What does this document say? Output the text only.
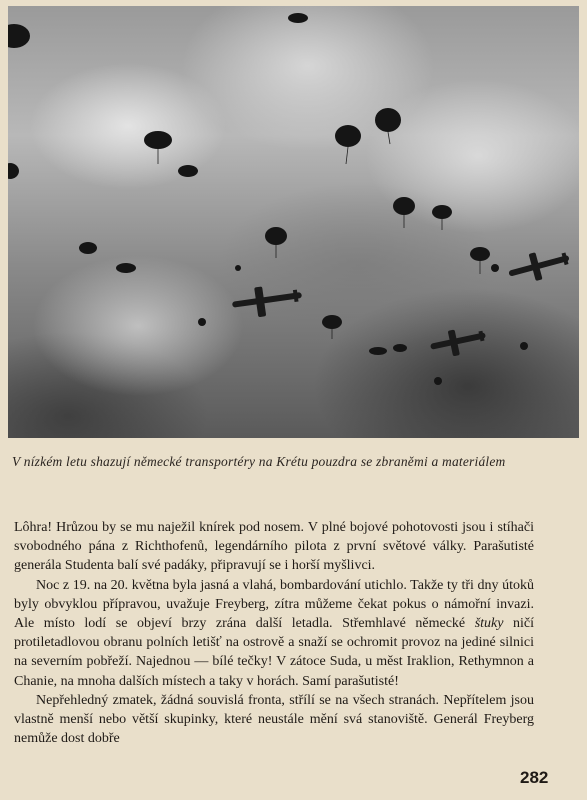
V nízkém letu shazují německé transportéry na Krétu pouzdra se zbraněmi a materiálem

Lôhra! Hrůzou by se mu naježil knírek pod nosem. V plné bojové pohotovosti jsou i stíhači svobodného pána z Richthofenů, legendárního pilota z první světové války. Parašutisté generála Studenta balí své padáky, připravují se i horší myšlivci.

Noc z 19. na 20. května byla jasná a vlahá, bombardování utichlo. Takže ty tři dny útoků byly obvyklou přípravou, uvažuje Freyberg, zítra můžeme čekat pokus o námořní invazi. Ale místo lodí se objeví brzy zrána další letadla. Střemhlavé německé štuky ničí protiletadlovou obranu polních letišť na ostrově a snaží se ochromit provoz na jediné silnici na severním pobřeží. Najednou — bílé tečky! V zátoce Suda, u měst Iraklion, Rethymnon a Chanie, na mnoha dalších místech a taky v horách. Samí parašutisté!

Nepřehledný zmatek, žádná souvislá fronta, střílí se na všech stranách. Nepřítelem jsou vlastně menší nebo větší skupinky, které neustále mění svá stanoviště. Generál Freyberg nemůže dost dobře

282
